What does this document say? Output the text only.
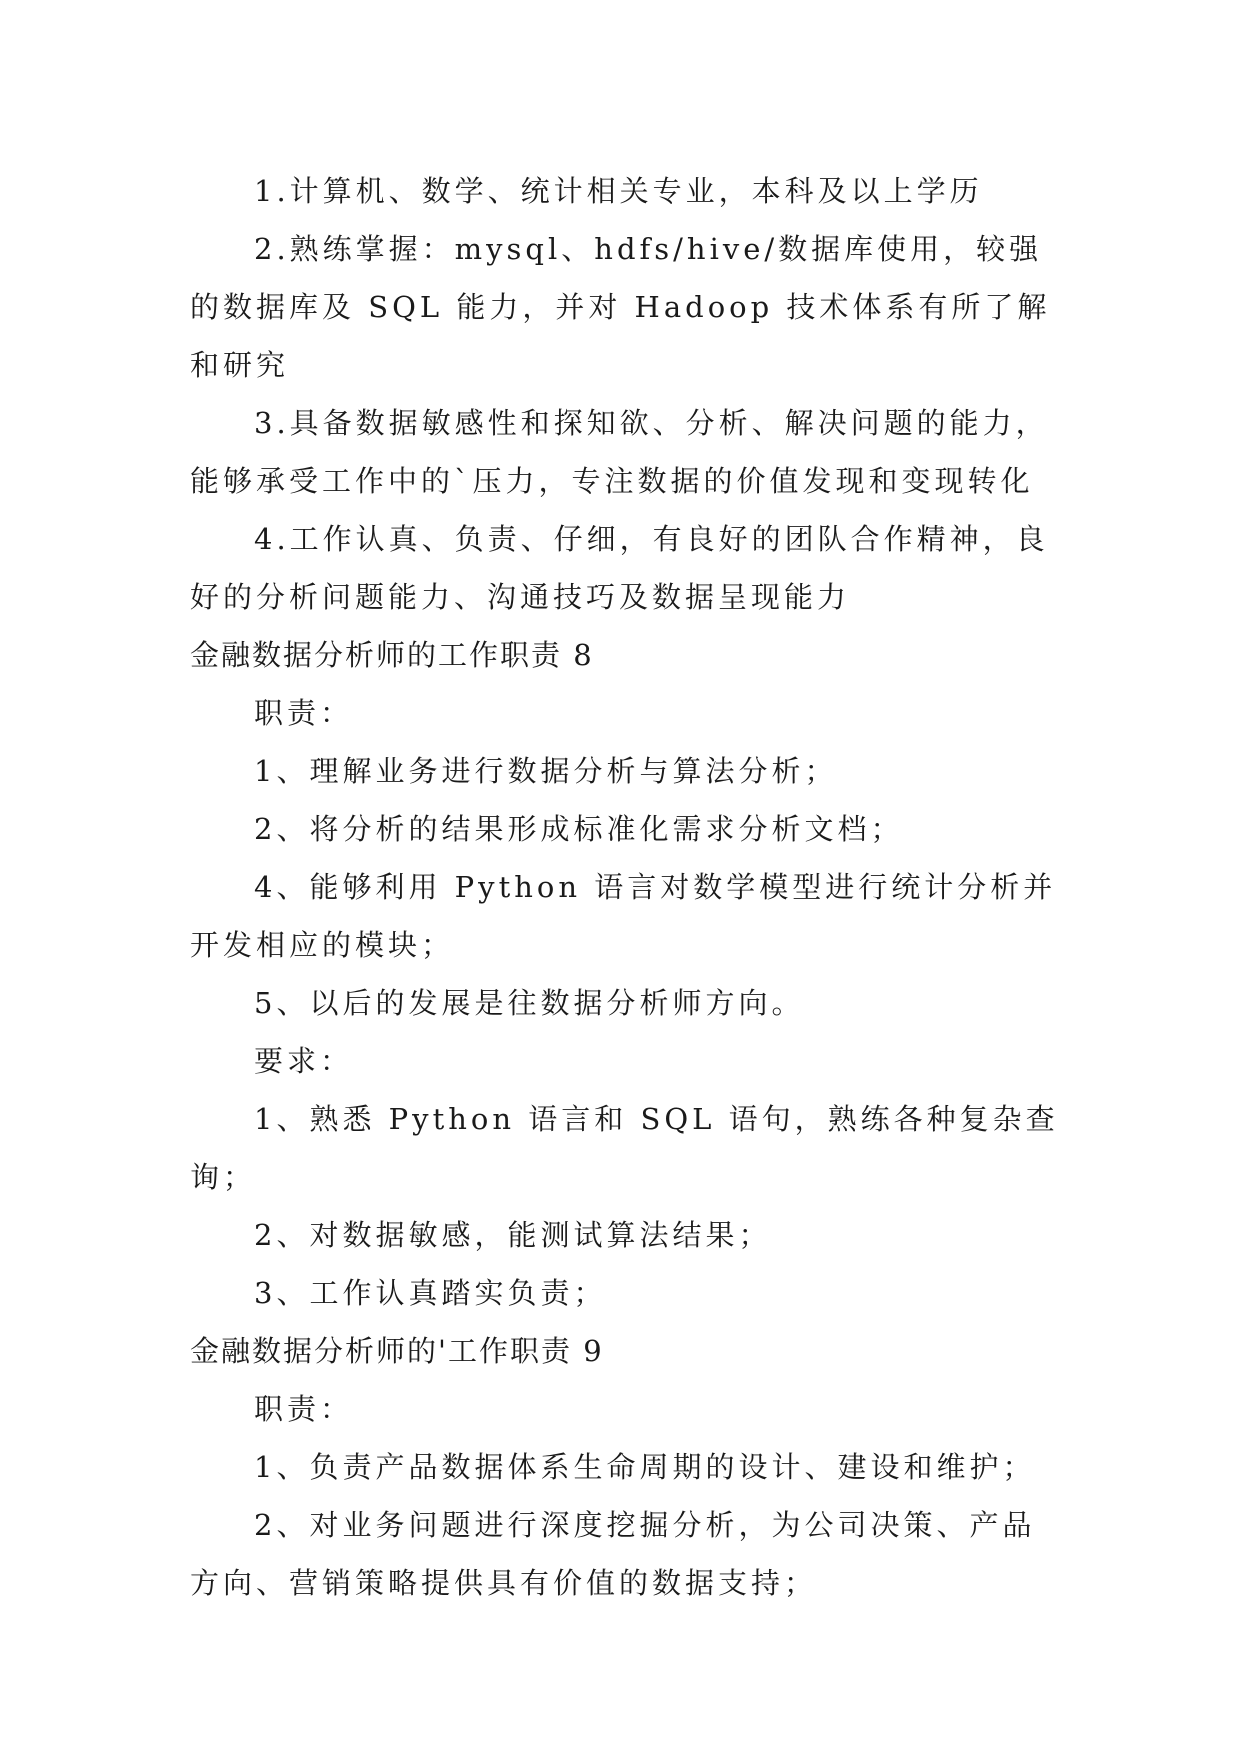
1.计算机、数学、统计相关专业，本科及以上学历

2.熟练掌握：mysql、hdfs/hive/数据库使用，较强的数据库及 SQL 能力，并对 Hadoop 技术体系有所了解和研究

3.具备数据敏感性和探知欲、分析、解决问题的能力，能够承受工作中的`压力，专注数据的价值发现和变现转化

4.工作认真、负责、仔细，有良好的团队合作精神，良好的分析问题能力、沟通技巧及数据呈现能力

金融数据分析师的工作职责 8

职责：

1、理解业务进行数据分析与算法分析；

2、将分析的结果形成标准化需求分析文档；

4、能够利用 Python 语言对数学模型进行统计分析并开发相应的模块；

5、以后的发展是往数据分析师方向。

要求：

1、熟悉 Python 语言和 SQL 语句，熟练各种复杂查询；

2、对数据敏感，能测试算法结果；

3、工作认真踏实负责；

金融数据分析师的'工作职责 9

职责：

1、负责产品数据体系生命周期的设计、建设和维护；

2、对业务问题进行深度挖掘分析，为公司决策、产品方向、营销策略提供具有价值的数据支持；
